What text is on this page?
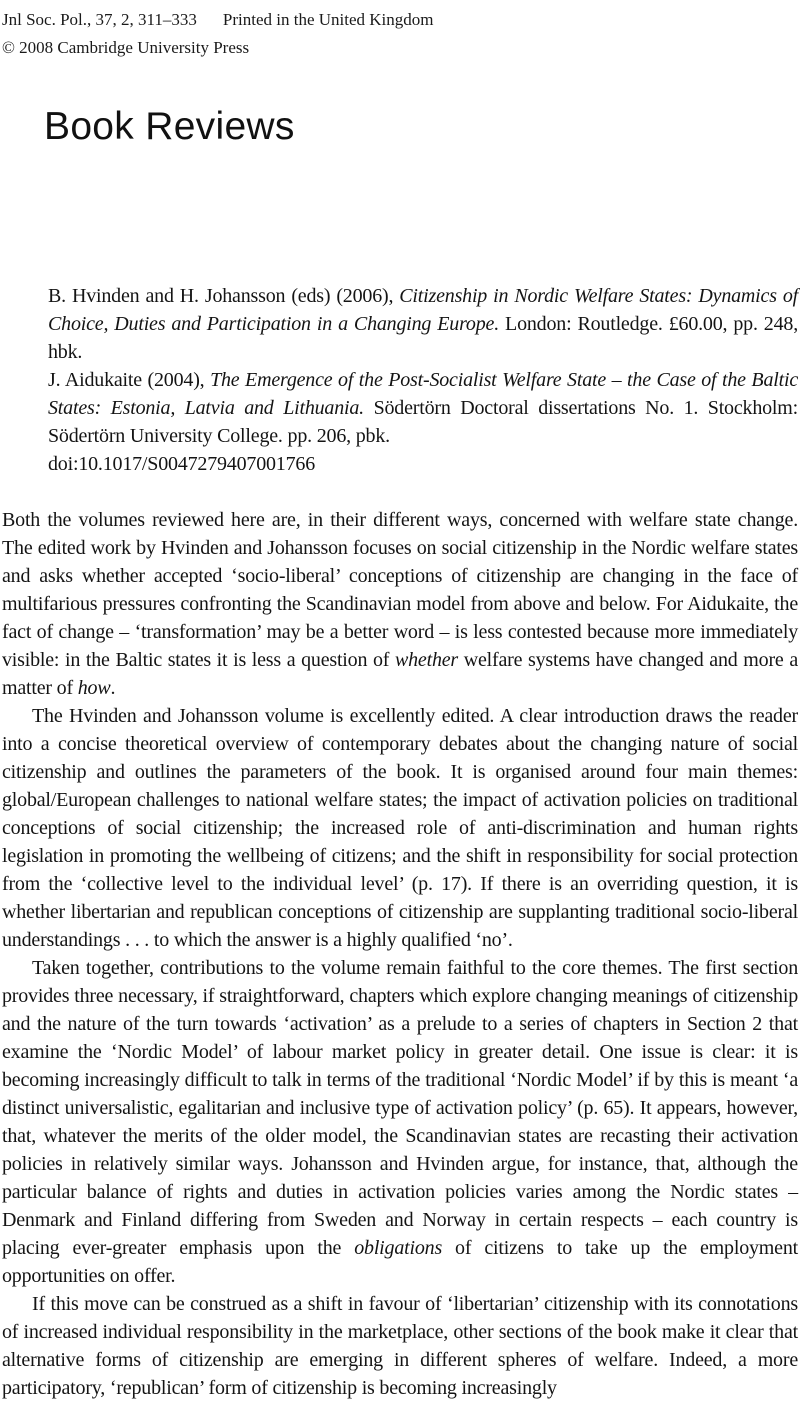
Jnl Soc. Pol., 37, 2, 311–333 Printed in the United Kingdom
© 2008 Cambridge University Press
Book Reviews

B. Hvinden and H. Johansson (eds) (2006), Citizenship in Nordic Welfare States: Dynamics of Choice, Duties and Participation in a Changing Europe. London: Routledge. £60.00, pp. 248, hbk.

J. Aidukaite (2004), The Emergence of the Post-Socialist Welfare State – the Case of the Baltic States: Estonia, Latvia and Lithuania. Södertörn Doctoral dissertations No. 1. Stockholm: Södertörn University College. pp. 206, pbk.

doi:10.1017/S0047279407001766

Both the volumes reviewed here are, in their different ways, concerned with welfare state change. The edited work by Hvinden and Johansson focuses on social citizenship in the Nordic welfare states and asks whether accepted ‘socio-liberal’ conceptions of citizenship are changing in the face of multifarious pressures confronting the Scandinavian model from above and below. For Aidukaite, the fact of change – ‘transformation’ may be a better word – is less contested because more immediately visible: in the Baltic states it is less a question of whether welfare systems have changed and more a matter of how.

The Hvinden and Johansson volume is excellently edited. A clear introduction draws the reader into a concise theoretical overview of contemporary debates about the changing nature of social citizenship and outlines the parameters of the book. It is organised around four main themes: global/European challenges to national welfare states; the impact of activation policies on traditional conceptions of social citizenship; the increased role of anti-discrimination and human rights legislation in promoting the wellbeing of citizens; and the shift in responsibility for social protection from the ‘collective level to the individual level’ (p. 17). If there is an overriding question, it is whether libertarian and republican conceptions of citizenship are supplanting traditional socio-liberal understandings . . . to which the answer is a highly qualified ‘no’.

Taken together, contributions to the volume remain faithful to the core themes. The first section provides three necessary, if straightforward, chapters which explore changing meanings of citizenship and the nature of the turn towards ‘activation’ as a prelude to a series of chapters in Section 2 that examine the ‘Nordic Model’ of labour market policy in greater detail. One issue is clear: it is becoming increasingly difficult to talk in terms of the traditional ‘Nordic Model’ if by this is meant ‘a distinct universalistic, egalitarian and inclusive type of activation policy’ (p. 65). It appears, however, that, whatever the merits of the older model, the Scandinavian states are recasting their activation policies in relatively similar ways. Johansson and Hvinden argue, for instance, that, although the particular balance of rights and duties in activation policies varies among the Nordic states – Denmark and Finland differing from Sweden and Norway in certain respects – each country is placing ever-greater emphasis upon the obligations of citizens to take up the employment opportunities on offer.

If this move can be construed as a shift in favour of ‘libertarian’ citizenship with its connotations of increased individual responsibility in the marketplace, other sections of the book make it clear that alternative forms of citizenship are emerging in different spheres of welfare. Indeed, a more participatory, ‘republican’ form of citizenship is becoming increasingly
